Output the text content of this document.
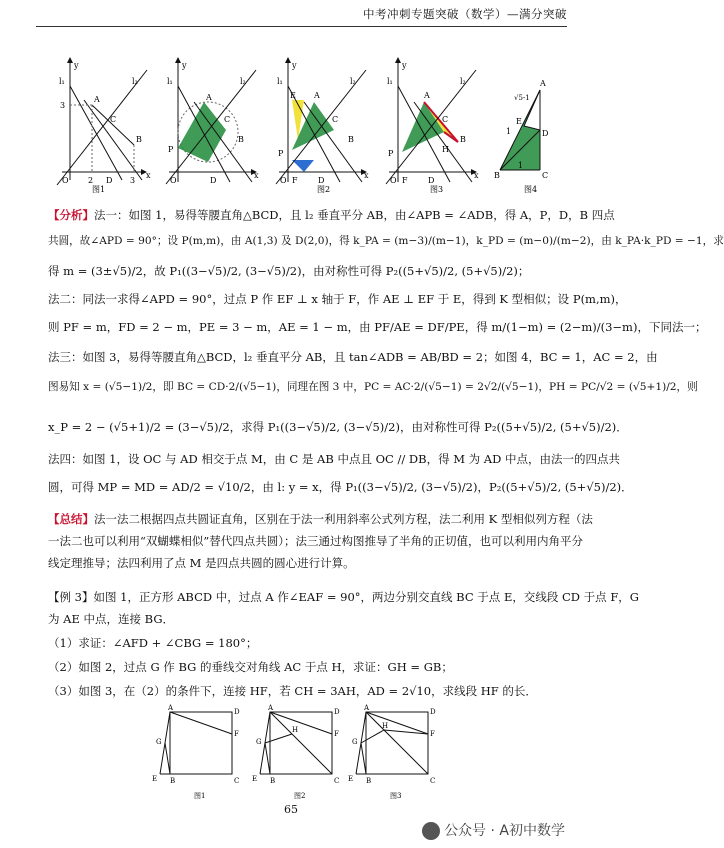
中考冲刺专题突破（数学）—满分突破
y
l₁	l₂
A
C
B
O	D
x
3
2	3
y
l₁	l₂
A
C
B
P
O	D
x
y
E
l₁	l₂
A
C
B
P
F
O	D
x
y
l₁	l₂
A
C
B
P
F
O	D
H
x
A
E
C
B
D
1
√5-1
1
图1	图2	图3	图4
【分析】法一：如图 1，易得等腰直角△BCD，且 l₂ 垂直平分 AB，由∠APB = ∠ADB，得 A，P，D，B 四点
共圆，故∠APD = 90°；设 P(m,m)，由 A(1,3) 及 D(2,0)，得 k_PA = (m−3)/(m−1)，k_PD = (m−0)/(m−2)，由 k_PA·k_PD = −1，求
得 m = (3±√5)/2，故 P₁((3−√5)/2, (3−√5)/2)，由对称性可得 P₂((5+√5)/2, (5+√5)/2)；
法二：同法一求得∠APD = 90°，过点 P 作 EF ⊥ x 轴于 F，作 AE ⊥ EF 于 E，得到 K 型相似；设 P(m,m)，
则 PF = m，FD = 2 − m，PE = 3 − m，AE = 1 − m，由 PF/AE = DF/PE，得 m/(1−m) = (2−m)/(3−m)，下同法一；
法三：如图 3，易得等腰直角△BCD，l₂ 垂直平分 AB，且 tan∠ADB = AB/BD = 2；如图 4，BC = 1，AC = 2，由
图易知 x = (√5−1)/2，即 BC = CD·2/(√5−1)，同理在图 3 中，PC = AC·2/(√5−1) = 2√2/(√5−1)，PH = PC/√2 = (√5+1)/2，则
x_P = 2 − (√5+1)/2 = (3−√5)/2，求得 P₁((3−√5)/2, (3−√5)/2)，由对称性可得 P₂((5+√5)/2, (5+√5)/2)．
法四：如图 1，设 OC 与 AD 相交于点 M，由 C 是 AB 中点且 OC // DB，得 M 为 AD 中点，由法一的四点共
圆，可得 MP = MD = AD/2 = √10/2，由 l: y = x，得 P₁((3−√5)/2, (3−√5)/2)，P₂((5+√5)/2, (5+√5)/2)．
【总结】法一法二根据四点共圆证直角，区别在于法一利用斜率公式列方程，法二利用 K 型相似列方程（法
一法二也可以利用“双蝴蝶相似”替代四点共圆）；法三通过构图推导了半角的正切值，也可以利用内角平分
线定理推导；法四利用了点 M 是四点共圆的圆心进行计算。
【例 3】如图 1，正方形 ABCD 中，过点 A 作∠EAF = 90°，两边分别交直线 BC 于点 E，交线段 CD 于点 F，G
为 AE 中点，连接 BG．
（1）求证：∠AFD + ∠CBG = 180°；
（2）如图 2，过点 G 作 BG 的垂线交对角线 AC 于点 H，求证：GH = GB；
（3）如图 3，在（2）的条件下，连接 HF，若 CH = 3AH，AD = 2√10，求线段 HF 的长．
A	D
G
F
E B	C
图1
A	D
G
F
E B	C
H
图2
A	D
G
F
E B	C
H
图3
65
公众号 · A初中数学
